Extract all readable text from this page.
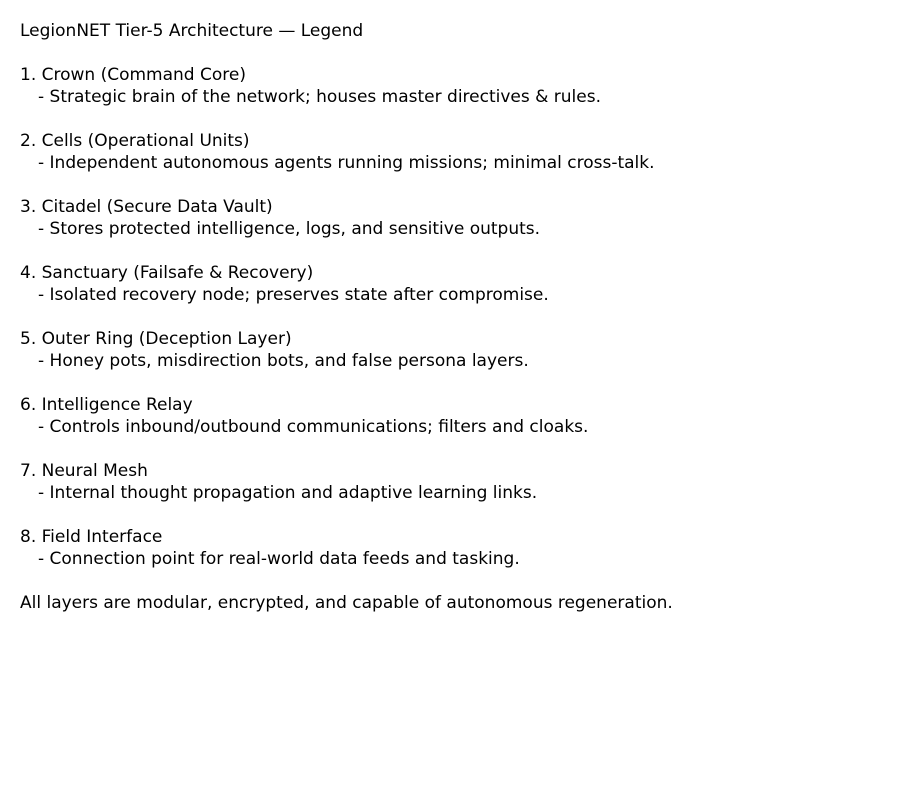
LegionNET Tier-5 Architecture — Legend
1. Crown (Command Core)
- Strategic brain of the network; houses master directives & rules.
2. Cells (Operational Units)
- Independent autonomous agents running missions; minimal cross-talk.
3. Citadel (Secure Data Vault)
- Stores protected intelligence, logs, and sensitive outputs.
4. Sanctuary (Failsafe & Recovery)
- Isolated recovery node; preserves state after compromise.
5. Outer Ring (Deception Layer)
- Honey pots, misdirection bots, and false persona layers.
6. Intelligence Relay
- Controls inbound/outbound communications; filters and cloaks.
7. Neural Mesh
- Internal thought propagation and adaptive learning links.
8. Field Interface
- Connection point for real-world data feeds and tasking.

All layers are modular, encrypted, and capable of autonomous regeneration.
